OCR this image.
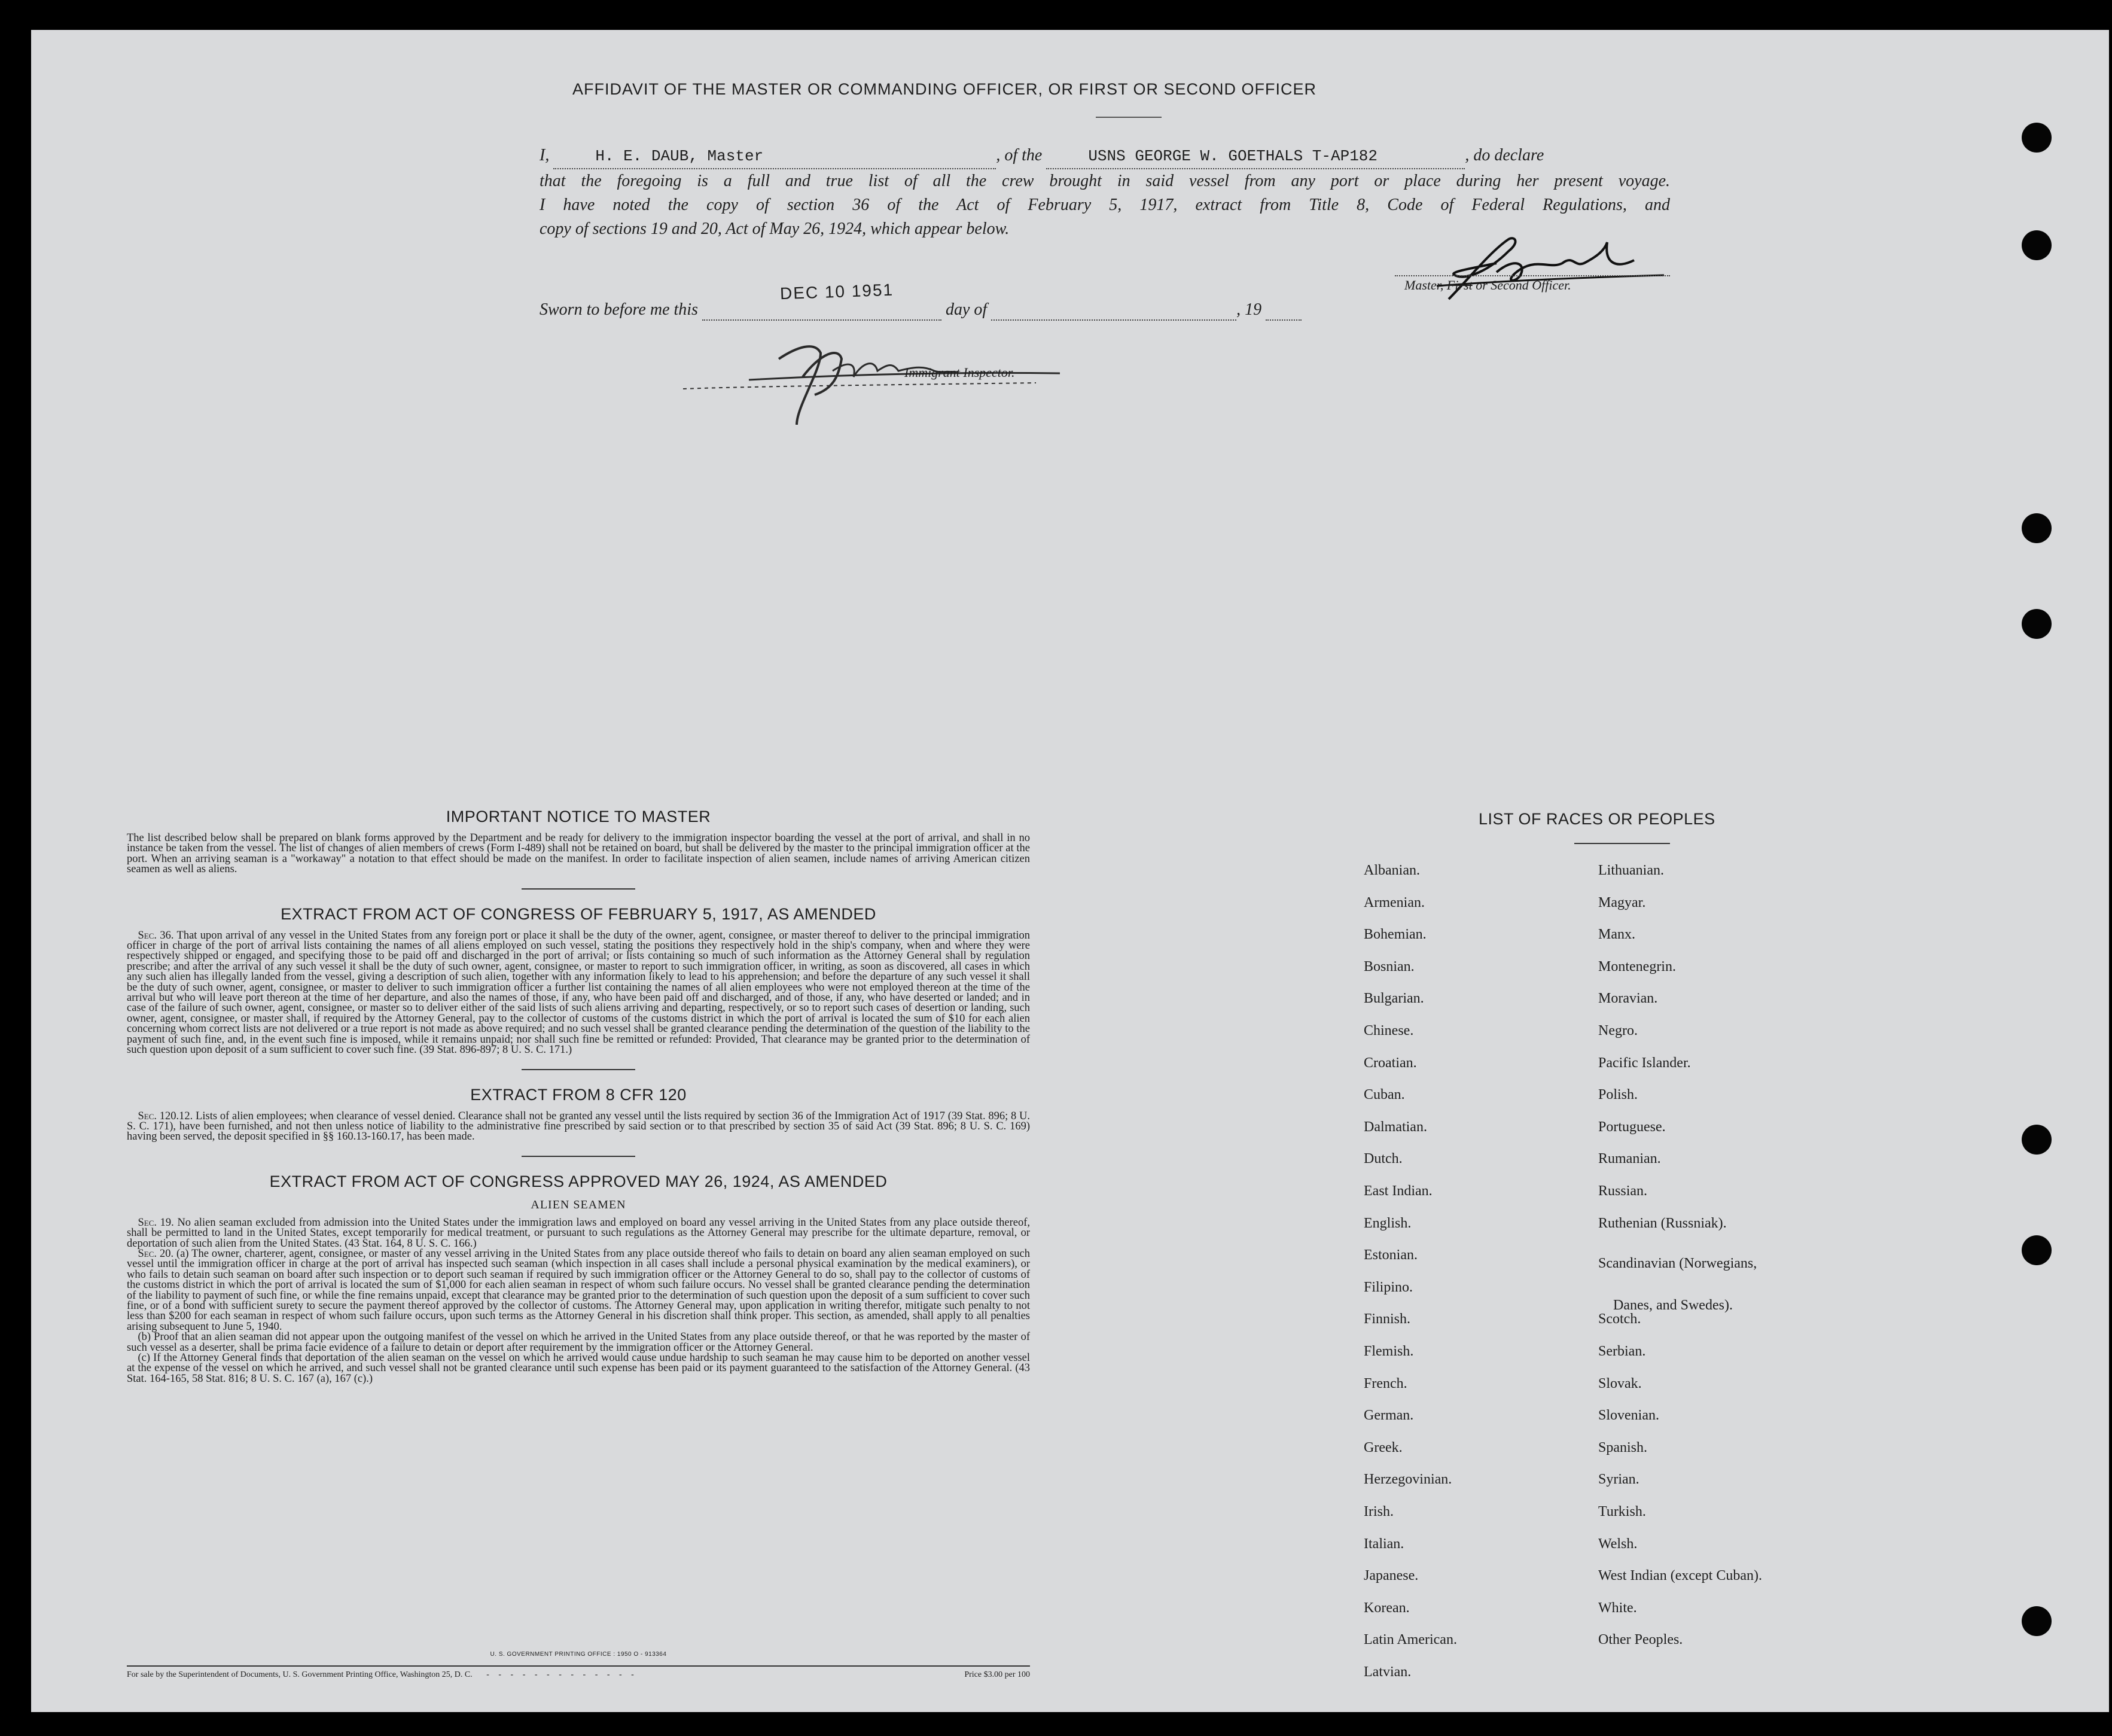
AFFIDAVIT OF THE MASTER OR COMMANDING OFFICER, OR FIRST OR SECOND OFFICER

I,	H. E. DAUB, Master	, of the	USNS GEORGE W. GOETHALS T-AP182	, do declare

that the foregoing is a full and true list of all the crew brought in said vessel from any port or place during her present voyage.

I have noted the copy of section 36 of the Act of February 5, 1917, extract from Title 8, Code of Federal Regulations, and

copy of sections 19 and 20, Act of May 26, 1924, which appear below.

Master, First or Second Officer.
Sworn to before me this
DEC 10 1951
day of	, 19
Immigrant Inspector.
IMPORTANT NOTICE TO MASTER

The list described below shall be prepared on blank forms approved by the Department and be ready for delivery to the immigration inspector boarding the vessel at the port of arrival, and shall in no instance be taken from the vessel. The list of changes of alien members of crews (Form I-489) shall not be retained on board, but shall be delivered by the master to the principal immigration officer at the port. When an arriving seaman is a "workaway" a notation to that effect should be made on the manifest. In order to facilitate inspection of alien seamen, include names of arriving American citizen seamen as well as aliens.

EXTRACT FROM ACT OF CONGRESS OF FEBRUARY 5, 1917, AS AMENDED

 Sec. 36. That upon arrival of any vessel in the United States from any foreign port or place it shall be the duty of the owner, agent, consignee, or master thereof to deliver to the principal immigration officer in charge of the port of arrival lists containing the names of all aliens employed on such vessel, stating the positions they respectively hold in the ship's company, when and where they were respectively shipped or engaged, and specifying those to be paid off and discharged in the port of arrival; or lists containing so much of such information as the Attorney General shall by regulation prescribe; and after the arrival of any such vessel it shall be the duty of such owner, agent, consignee, or master to report to such immigration officer, in writing, as soon as discovered, all cases in which any such alien has illegally landed from the vessel, giving a description of such alien, together with any information likely to lead to his apprehension; and before the departure of any such vessel it shall be the duty of such owner, agent, consignee, or master to deliver to such immigration officer a further list containing the names of all alien employees who were not employed thereon at the time of the arrival but who will leave port thereon at the time of her departure, and also the names of those, if any, who have been paid off and discharged, and of those, if any, who have deserted or landed; and in case of the failure of such owner, agent, consignee, or master so to deliver either of the said lists of such aliens arriving and departing, respectively, or so to report such cases of desertion or landing, such owner, agent, consignee, or master shall, if required by the Attorney General, pay to the collector of customs of the customs district in which the port of arrival is located the sum of $10 for each alien concerning whom correct lists are not delivered or a true report is not made as above required; and no such vessel shall be granted clearance pending the determination of the question of the liability to the payment of such fine, and, in the event such fine is imposed, while it remains unpaid; nor shall such fine be remitted or refunded: Provided, That clearance may be granted prior to the determination of such question upon deposit of a sum sufficient to cover such fine. (39 Stat. 896-897; 8 U. S. C. 171.)

EXTRACT FROM 8 CFR 120

 Sec. 120.12. Lists of alien employees; when clearance of vessel denied. Clearance shall not be granted any vessel until the lists required by section 36 of the Immigration Act of 1917 (39 Stat. 896; 8 U. S. C. 171), have been furnished, and not then unless notice of liability to the administrative fine prescribed by said section or to that prescribed by section 35 of said Act (39 Stat. 896; 8 U. S. C. 169) having been served, the deposit specified in §§ 160.13-160.17, has been made.

EXTRACT FROM ACT OF CONGRESS APPROVED MAY 26, 1924, AS AMENDED
ALIEN SEAMEN

 Sec. 19. No alien seaman excluded from admission into the United States under the immigration laws and employed on board any vessel arriving in the United States from any place outside thereof, shall be permitted to land in the United States, except temporarily for medical treatment, or pursuant to such regulations as the Attorney General may prescribe for the ultimate departure, removal, or deportation of such alien from the United States. (43 Stat. 164, 8 U. S. C. 166.)

 Sec. 20. (a) The owner, charterer, agent, consignee, or master of any vessel arriving in the United States from any place outside thereof who fails to detain on board any alien seaman employed on such vessel until the immigration officer in charge at the port of arrival has inspected such seaman (which inspection in all cases shall include a personal physical examination by the medical examiners), or who fails to detain such seaman on board after such inspection or to deport such seaman if required by such immigration officer or the Attorney General to do so, shall pay to the collector of customs of the customs district in which the port of arrival is located the sum of $1,000 for each alien seaman in respect of whom such failure occurs. No vessel shall be granted clearance pending the determination of the liability to payment of such fine, or while the fine remains unpaid, except that clearance may be granted prior to the determination of such question upon the deposit of a sum sufficient to cover such fine, or of a bond with sufficient surety to secure the payment thereof approved by the collector of customs. The Attorney General may, upon application in writing therefor, mitigate such penalty to not less than $200 for each seaman in respect of whom such failure occurs, upon such terms as the Attorney General in his discretion shall think proper. This section, as amended, shall apply to all penalties arising subsequent to June 5, 1940.

 (b) Proof that an alien seaman did not appear upon the outgoing manifest of the vessel on which he arrived in the United States from any place outside thereof, or that he was reported by the master of such vessel as a deserter, shall be prima facie evidence of a failure to detain or deport after requirement by the immigration officer or the Attorney General.

 (c) If the Attorney General finds that deportation of the alien seaman on the vessel on which he arrived would cause undue hardship to such seaman he may cause him to be deported on another vessel at the expense of the vessel on which he arrived, and such vessel shall not be granted clearance until such expense has been paid or its payment guaranteed to the satisfaction of the Attorney General. (43 Stat. 164-165, 58 Stat. 816; 8 U. S. C. 167 (a), 167 (c).)

U. S. GOVERNMENT PRINTING OFFICE : 1950 O - 913364
For sale by the Superintendent of Documents, U. S. Government Printing Office, Washington 25, D. C. - - - - - - - - - - - - -	Price $3.00 per 100
LIST OF RACES OR PEOPLES
Albanian.
Armenian.
Bohemian.
Bosnian.
Bulgarian.
Chinese.
Croatian.
Cuban.
Dalmatian.
Dutch.
East Indian.
English.
Estonian.
Filipino.
Finnish.
Flemish.
French.
German.
Greek.
Herzegovinian.
Irish.
Italian.
Japanese.
Korean.
Latin American.
Latvian.
Lithuanian.
Magyar.
Manx.
Montenegrin.
Moravian.
Negro.
Pacific Islander.
Polish.
Portuguese.
Rumanian.
Russian.
Ruthenian (Russniak).
Scandinavian (Norwegians,
Danes, and Swedes).
Scotch.
Serbian.
Slovak.
Slovenian.
Spanish.
Syrian.
Turkish.
Welsh.
West Indian (except Cuban).
White.
Other Peoples.
